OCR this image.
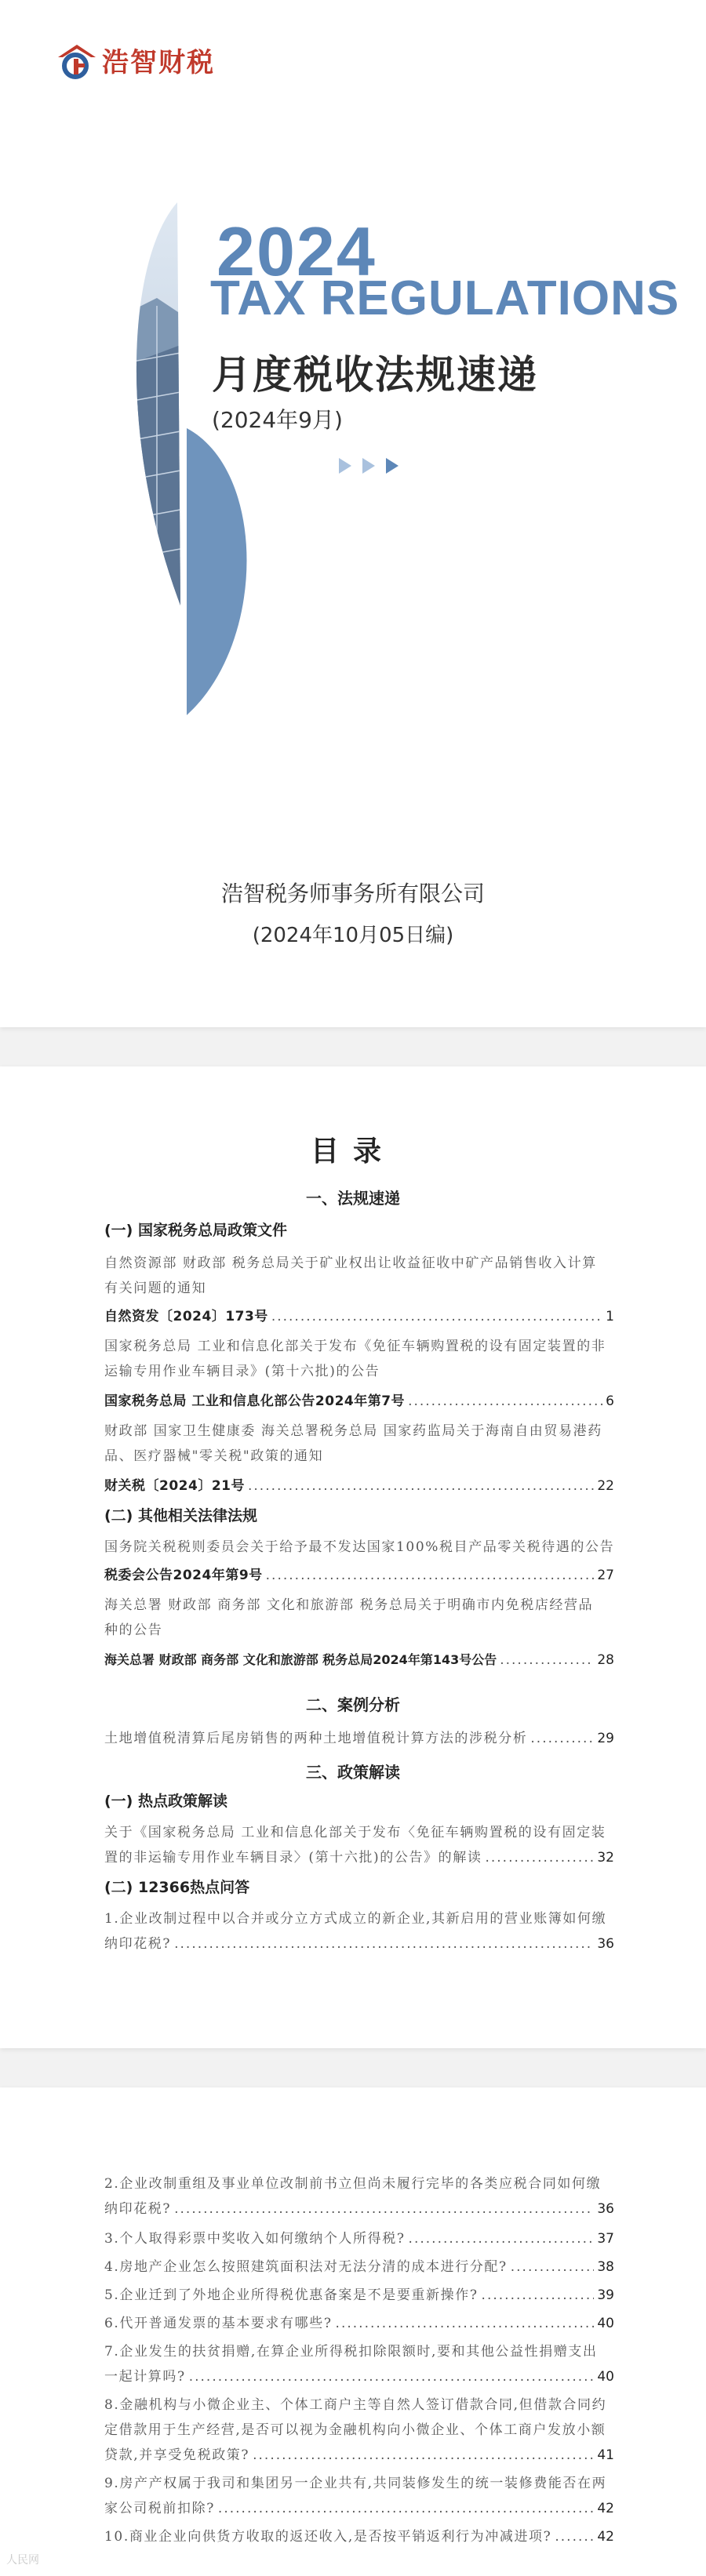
浩智财税
2024
TAX REGULATIONS
月度税收法规速递
(2024年9月)
浩智税务师事务所有限公司
(2024年10月05日编)
目录
一、法规速递
(一) 国家税务总局政策文件
自然资源部 财政部 税务总局关于矿业权出让收益征收中矿产品销售收入计算
有关问题的通知
自然资发〔2024〕173号 .....	1
国家税务总局 工业和信息化部关于发布《免征车辆购置税的设有固定装置的非
运输专用作业车辆目录》(第十六批)的公告
国家税务总局 工业和信息化部公告2024年第7号 .....	6
财政部 国家卫生健康委 海关总署税务总局 国家药监局关于海南自由贸易港药
品、医疗器械"零关税"政策的通知
财关税〔2024〕21号 .....	22
(二) 其他相关法律法规
国务院关税税则委员会关于给予最不发达国家100%税目产品零关税待遇的公告
税委会公告2024年第9号 .....	27
海关总署 财政部 商务部 文化和旅游部 税务总局关于明确市内免税店经营品
种的公告
海关总署 财政部 商务部 文化和旅游部 税务总局2024年第143号公告 .....	28
二、案例分析
土地增值税清算后尾房销售的两种土地增值税计算方法的涉税分析 .....	29
三、政策解读
(一) 热点政策解读
关于《国家税务总局 工业和信息化部关于发布〈免征车辆购置税的设有固定装
置的非运输专用作业车辆目录〉(第十六批)的公告》的解读 .....	32
(二) 12366热点问答
1.企业改制过程中以合并或分立方式成立的新企业,其新启用的营业账簿如何缴
纳印花税? .....	36
2.企业改制重组及事业单位改制前书立但尚未履行完毕的各类应税合同如何缴
纳印花税? .....	36
3.个人取得彩票中奖收入如何缴纳个人所得税? .....	37
4.房地产企业怎么按照建筑面积法对无法分清的成本进行分配? .....	38
5.企业迁到了外地企业所得税优惠备案是不是要重新操作? .....	39
6.代开普通发票的基本要求有哪些? .....	40
7.企业发生的扶贫捐赠,在算企业所得税扣除限额时,要和其他公益性捐赠支出
一起计算吗? .....	40
8.金融机构与小微企业主、个体工商户主等自然人签订借款合同,但借款合同约
定借款用于生产经营,是否可以视为金融机构向小微企业、个体工商户发放小额
贷款,并享受免税政策? .....	41
9.房产产权属于我司和集团另一企业共有,共同装修发生的统一装修费能否在两
家公司税前扣除? .....	42
10.商业企业向供货方收取的返还收入,是否按平销返利行为冲减进项? .....	42
人民网
